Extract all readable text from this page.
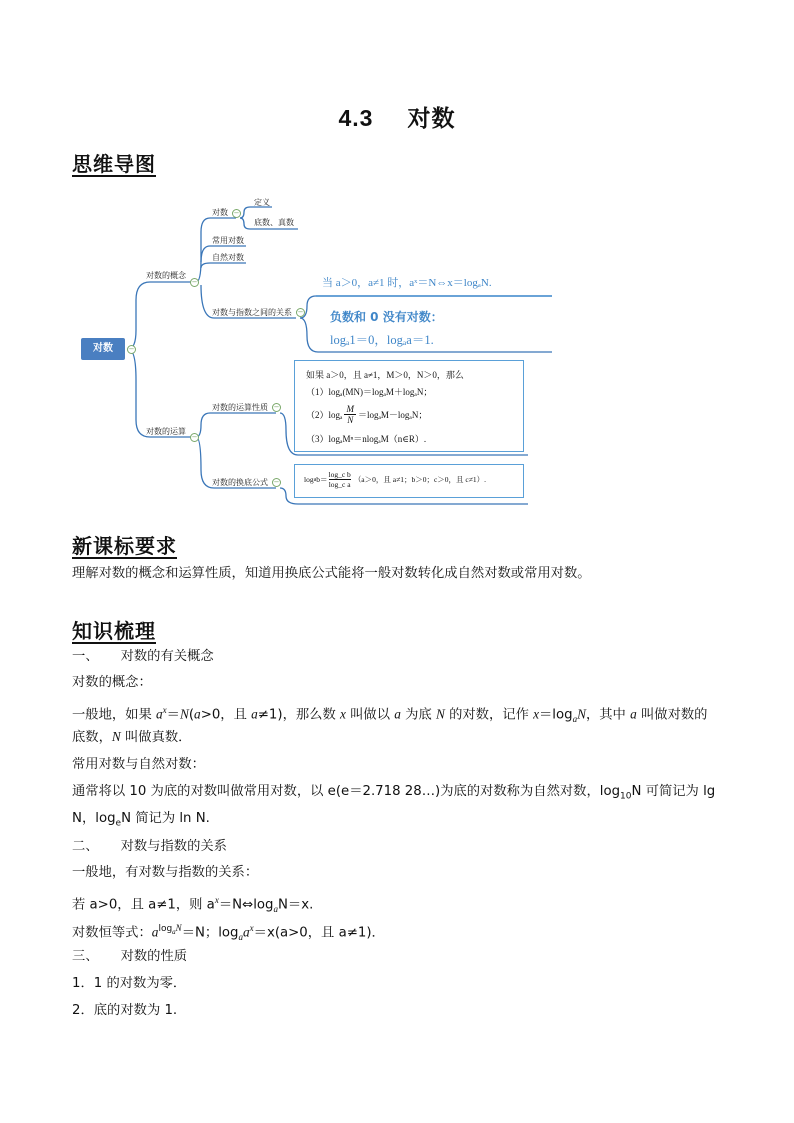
4.3 对数
思维导图
对数	−
对数的概念
−
对数 −
定义
底数、真数
常用对数
自然对数
对数与指数之间的关系 −
当 a＞0，a≠1 时，aˣ＝N⇔x＝logₐN.
负数和 0 没有对数：
logₐ1＝0，logₐa＝1.
对数的运算
−
对数的运算性质 −
对数的换底公式 −
如果 a＞0，且 a≠1，M＞0，N＞0，那么
（1）logₐ(MN)＝logₐM＋logₐN；
$(2)\log_a \frac{M}{N} =\log_aM-\log_aN$；
（3）logₐMⁿ＝nlogₐM（n∈R）.
log a $b= \frac{\text{log\_c b}}{\text{log\_c a}} (a>0$，且 a≠1；b＞0；c＞0，且 c≠1）.
新课标要求
理解对数的概念和运算性质，知道用换底公式能将一般对数转化成自然对数或常用对数。
知识梳理
一、 对数的有关概念
对数的概念：
一般地，如果 $a^x=N(a>0$，且 a≠1)，那么数 x 叫做以 a 为底 N 的对数，记作 $x=\log_aN$，其中 a 叫做对数的
底数，N 叫做真数．
常用对数与自然对数：
通常将以 10 为底的对数叫做常用对数，以 e(e＝2.718 28…)为底的对数称为自然对数，$\log_{10}N$ 可简记为 lg
N，$\log_eN$ 简记为 ln N.
二、 对数与指数的关系
一般地，有对数与指数的关系：
若 a>0，且 a≠1，则 $a^x=N\Leftrightarrow\log_aN=x$.
对数恒等式：$a^{log_aN}=N$；$\log_aa^x=x(a>0$，且 a≠1)．
三、 对数的性质
1．1 的对数为零．
2．底的对数为 1.
